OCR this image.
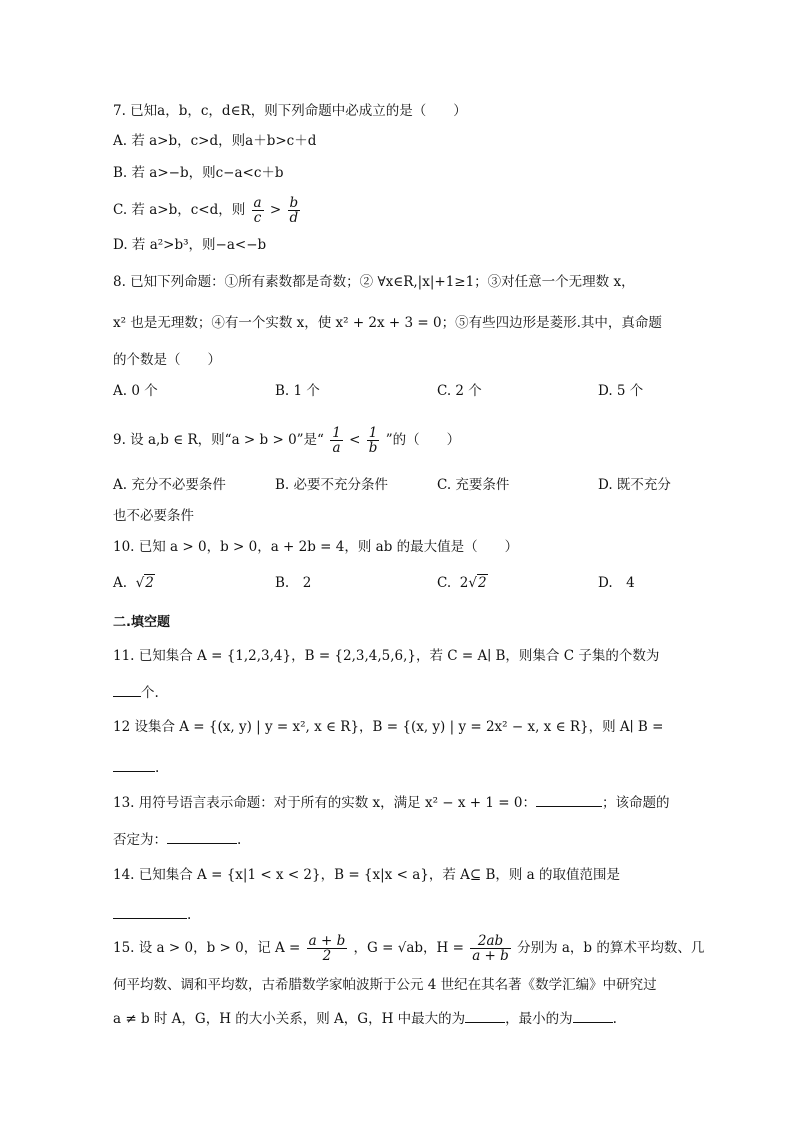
7. 已知a，b，c，d∈R，则下列命题中必成立的是（　　）
A. 若 a>b，c>d，则a＋b>c＋d
B. 若 a>−b，则c−a<c＋b
C. 若 a>b，c<d，则 $\frac{a}{c} > \frac{b}{d}$
D. 若 a²>b³，则−a<−b
8. 已知下列命题：①所有素数都是奇数；② ∀x∈R,|x|+1≥1；③对任意一个无理数 x，
x² 也是无理数；④有一个实数 x，使 x² + 2x + 3 = 0；⑤有些四边形是菱形.其中，真命题
的个数是（　　）
A. 0 个	B. 1 个	C. 2 个	D. 5 个
9. 设 a,b ∈ R，则“a > b > 0”是“ $\frac{1}{a} < \frac{1}{b}$ ”的（　　）
A. 充分不必要条件	B. 必要不充分条件	C. 充要条件	D. 既不充分
也不必要条件
10. 已知 a > 0，b > 0，a + 2b = 4，则 ab 的最大值是（　　）
A. √2	B.　2	C. 2√2	D.　4
二.填空题
11. 已知集合 A = {1,2,3,4}，B = {2,3,4,5,6,}，若 C = A∣ B，则集合 C 子集的个数为
个.
12 设集合 A = {(x, y) | y = x², x ∈ R}，B = {(x, y) | y = 2x² − x, x ∈ R}，则 A∣ B =
.
13. 用符号语言表示命题：对于所有的实数 x，满足 x² − x + 1 = 0：	；该命题的
否定为：	.
14. 已知集合 A = {x|1 < x < 2}，B = {x|x < a}，若 A⊆ B，则 a 的取值范围是
.
15. 设 a > 0，b > 0，记 $A = \frac{a + b}{2}$ ，G = √ab，$H = \frac{2ab}{a + b}$ 分别为 a，b 的算术平均数、几
何平均数、调和平均数，古希腊数学家帕波斯于公元 4 世纪在其名著《数学汇编》中研究过
a ≠ b 时 A，G，H 的大小关系，则 A，G，H 中最大的为	，最小的为	.
